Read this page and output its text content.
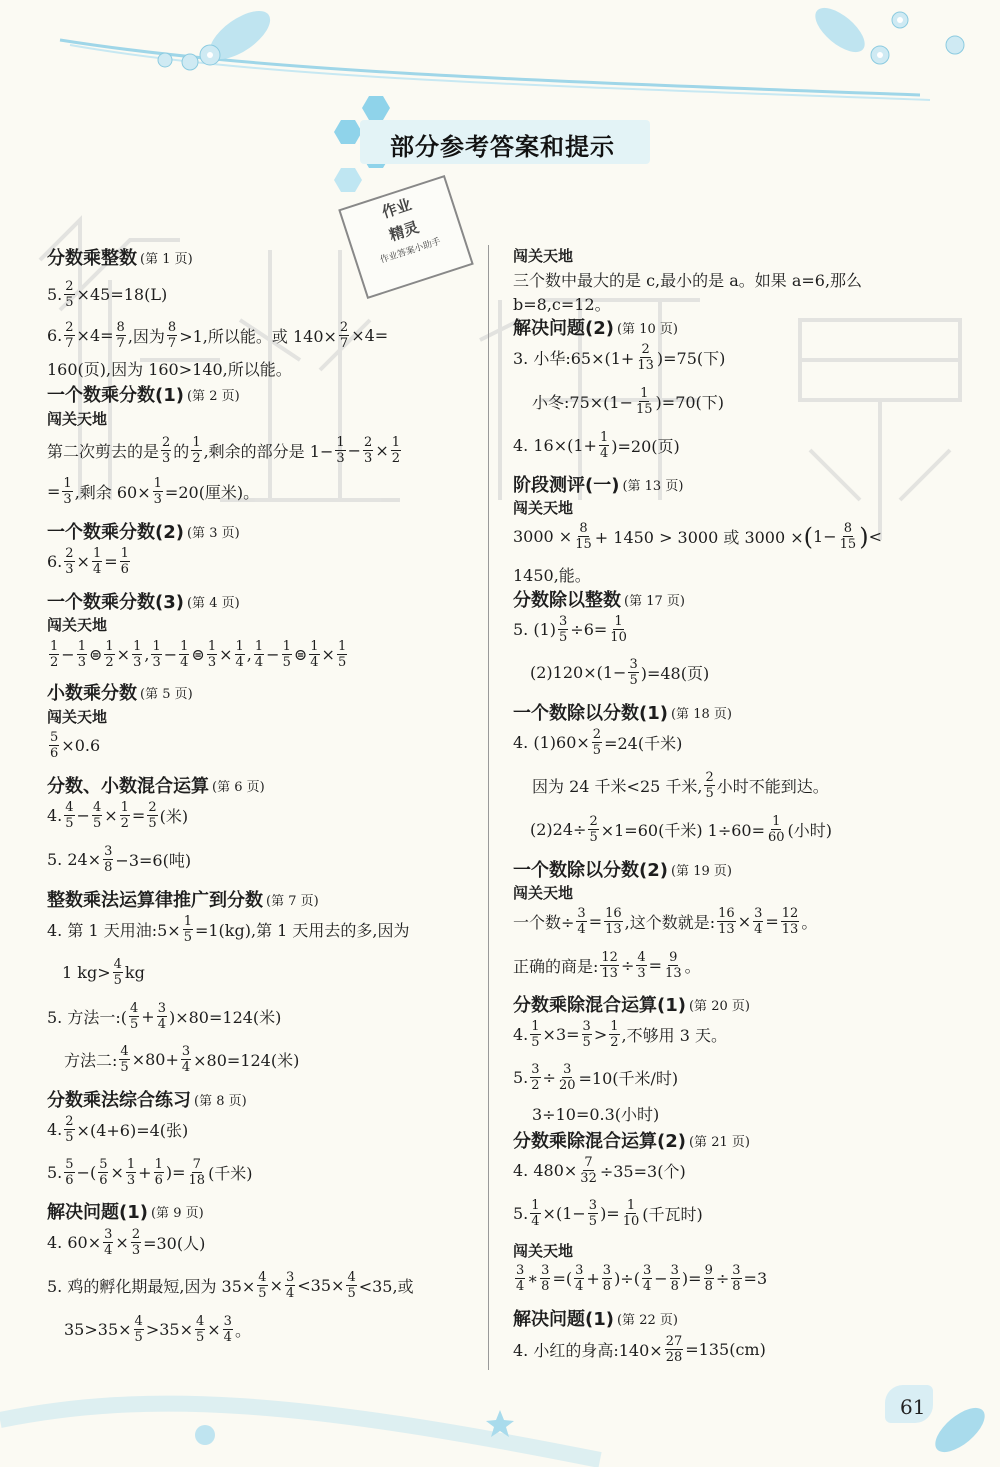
部分参考答案和提示
作业
精灵
作业答案小助手
分数乘整数 (第 1 页)
5. $\frac{2}{5} \times 45=18(L)$
6. $\frac{2}{7} \times 4= \frac{8}{7}$ ,因为 $\frac{8}{7} >1$,所以能。或 $140\times \frac{2}{7} \times 4=$
160(页),因为 160>140,所以能。
一个数乘分数(1) (第 2 页)
闯关天地
第二次剪去的是 $\frac{2}{3}$ 的 $\frac{1}{2}$ ,剩余的部分是 $1- \frac{1}{3} - \frac{2}{3} \times \frac{1}{2}$
= $\frac{1}{3}$ ,剩余 $60\times \frac{1}{3} =20$(厘米)。
一个数乘分数(2) (第 3 页)
6. $\frac{2}{3} \times \frac{1}{4} = \frac{1}{6}$
一个数乘分数(3) (第 4 页)
闯关天地
$\frac{1}{2} - \frac{1}{3}$ ⊜ $\frac{1}{2} \times \frac{1}{3}$ , $\frac{1}{3} - \frac{1}{4}$ ⊜ $\frac{1}{3} \times \frac{1}{4}$ , $\frac{1}{4} - \frac{1}{5}$ ⊜ $\frac{1}{4} \times \frac{1}{5}$
小数乘分数 (第 5 页)
闯关天地
$\frac{5}{6} \times 0.6$
分数、小数混合运算 (第 6 页)
4. $\frac{4}{5} - \frac{4}{5} \times \frac{1}{2} = \frac{2}{5}$ (米)
5. $24\times \frac{3}{8} -3=6$(吨)
整数乘法运算律推广到分数 (第 7 页)
4. 第 1 天用油:5× $\frac{1}{5} =1(kg)$,第 1 天用去的多,因为
1 $kg> \frac{4}{5}$ kg
5. 方法一:( $\frac{4}{5} + \frac{3}{4} )\times 80=124$(米)
方法二: $\frac{4}{5} \times 80+ \frac{3}{4} \times 80=124$(米)
分数乘法综合练习 (第 8 页)
4. $\frac{2}{5} \times(4+6)=4$(张)
5. $\frac{5}{6}$ −( $\frac{5}{6} \times \frac{1}{3} + \frac{1}{6}$ )= $\frac{7}{18}$ (千米)
解决问题(1) (第 9 页)
4. $60\times \frac{3}{4} \times \frac{2}{3} =30$(人)
5. 鸡的孵化期最短,因为 $35\times \frac{4}{5} \times \frac{3}{4} <35\times \frac{4}{5} <35$,或
$35>35\times \frac{4}{5} >35\times \frac{4}{5} \times \frac{3}{4}$ 。
闯关天地
三个数中最大的是 c,最小的是 a。如果 a=6,那么
b=8,c=12。
解决问题(2) (第 10 页)
3. 小华:65×(1+ $\frac{2}{13} )=75$(下)
小冬:75×(1− $\frac{1}{15} )=70$(下)
4. $16\times(1+ \frac{1}{4} )=20$(页)
阶段测评(一) (第 13 页)
闯关天地
$3000 \times \frac{8}{15} + 1450 > 3000$ 或 3000 × ( $1- \frac{8}{15}$ ) <
1450,能。
分数除以整数 (第 17 页)
5. $(1) \frac{3}{5} \div 6= \frac{1}{10}$
$(2)120\times(1- \frac{3}{5} )=48$(页)
一个数除以分数(1) (第 18 页)
4. $(1)60\times \frac{2}{5} =24$(千米)
因为 24 千米<25 千米, $\frac{2}{5}$ 小时不能到达。
$(2)24\div \frac{2}{5} \times 1=60$(千米) $1\div 60= \frac{1}{60}$ (小时)
一个数除以分数(2) (第 19 页)
闯关天地
一个数÷ $\frac{3}{4} = \frac{16}{13}$ ,这个数就是: $\frac{16}{13} \times \frac{3}{4} = \frac{12}{13}$ 。
正确的商是: $\frac{12}{13} \div \frac{4}{3} = \frac{9}{13}$ 。
分数乘除混合运算(1) (第 20 页)
4. $\frac{1}{5} \times 3= \frac{3}{5} > \frac{1}{2}$ ,不够用 3 天。
5. $\frac{3}{2} \div \frac{3}{20} =10$(千米/时)
3÷10=0.3(小时)
分数乘除混合运算(2) (第 21 页)
4. $480\times \frac{7}{32} \div 35=3$(个)
5. $\frac{1}{4} \times(1- \frac{3}{5}$ )= $\frac{1}{10}$ (千瓦时)
闯关天地
$\frac{3}{4}$ ∗ $\frac{3}{8}$ =( $\frac{3}{4} + \frac{3}{8}$ )÷( $\frac{3}{4} - \frac{3}{8}$ )= $\frac{9}{8} \div \frac{3}{8} =3$
解决问题(1) (第 22 页)
4. 小红的身高:140× $\frac{27}{28} =135(cm)$
61
